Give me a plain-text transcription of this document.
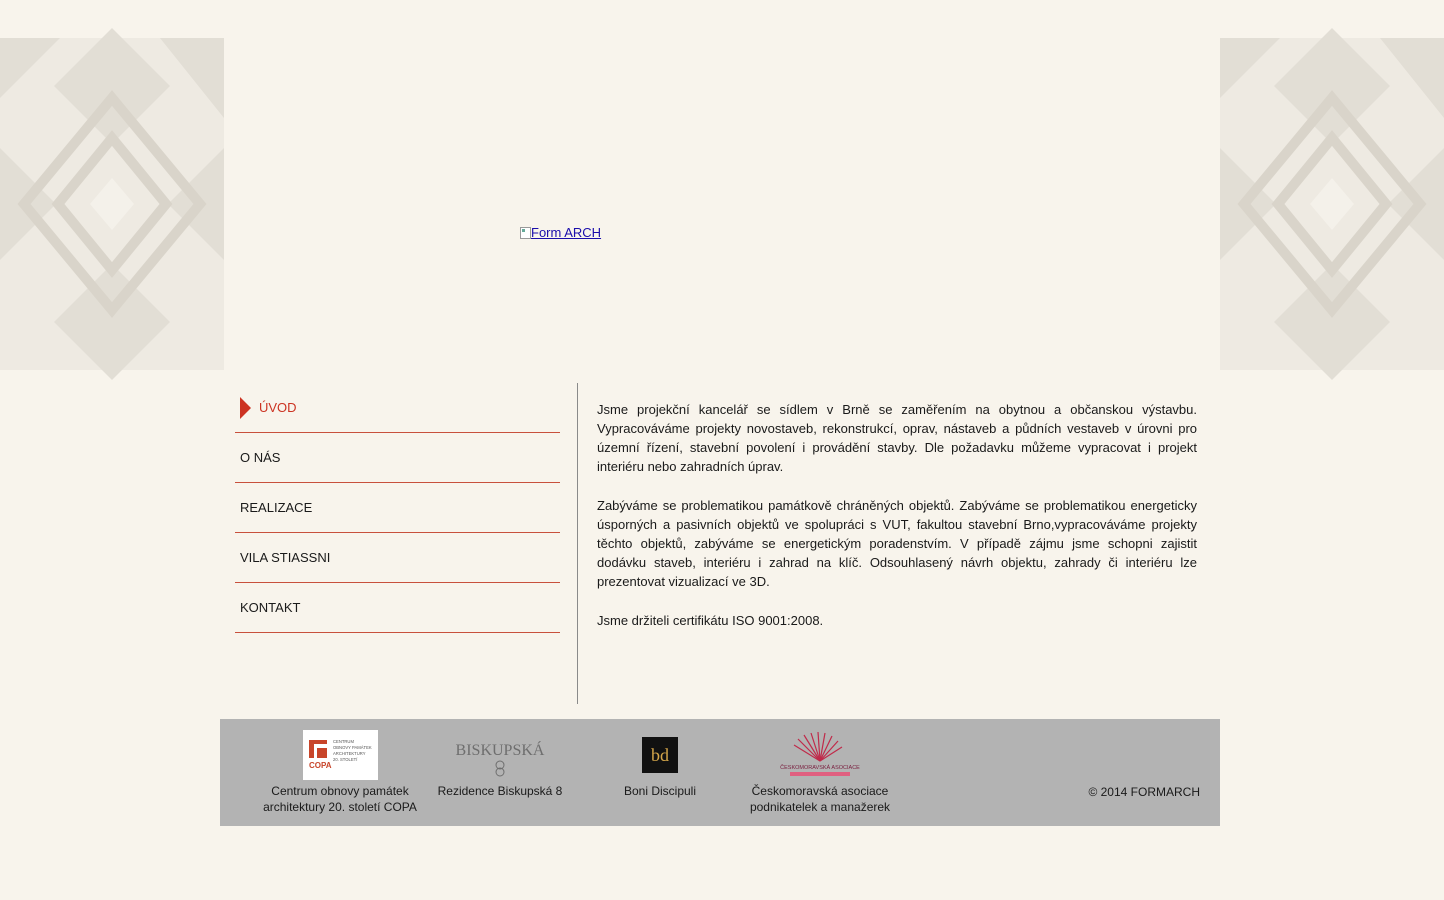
Form ARCH
ÚVOD
O NÁS
REALIZACE
VILA STIASSNI
KONTAKT

Jsme projekční kancelář se sídlem v Brně se zaměřením na obytnou a občanskou výstavbu. Vypracováváme projekty novostaveb, rekonstrukcí, oprav, nástaveb a půdních vestaveb v úrovni pro územní řízení, stavební povolení i provádění stavby. Dle požadavku můžeme vypracovat i projekt interiéru nebo zahradních úprav.

Zabýváme se problematikou památkově chráněných objektů. Zabýváme se problematikou energeticky úsporných a pasivních objektů ve spolupráci s VUT, fakultou stavební Brno,vypracováváme projekty těchto objektů, zabýváme se energetickým poradenstvím. V případě zájmu jsme schopni zajistit dodávku staveb, interiéru i zahrad na klíč. Odsouhlasený návrh objektu, zahrady či interiéru lze prezentovat vizualizací ve 3D.

Jsme držiteli certifikátu ISO 9001:2008.

COPA
CENTRUM
OBNOVY PAMÁTEK
ARCHITEKTURY
20. STOLETÍ
Centrum obnovy památek architektury 20. století COPA
BISKUPSKÁ
Rezidence Biskupská 8
bd
Boni Discipuli
ČESKOMORAVSKÁ ASOCIACE
Českomoravská asociace podnikatelek a manažerek
© 2014 FORMARCH
